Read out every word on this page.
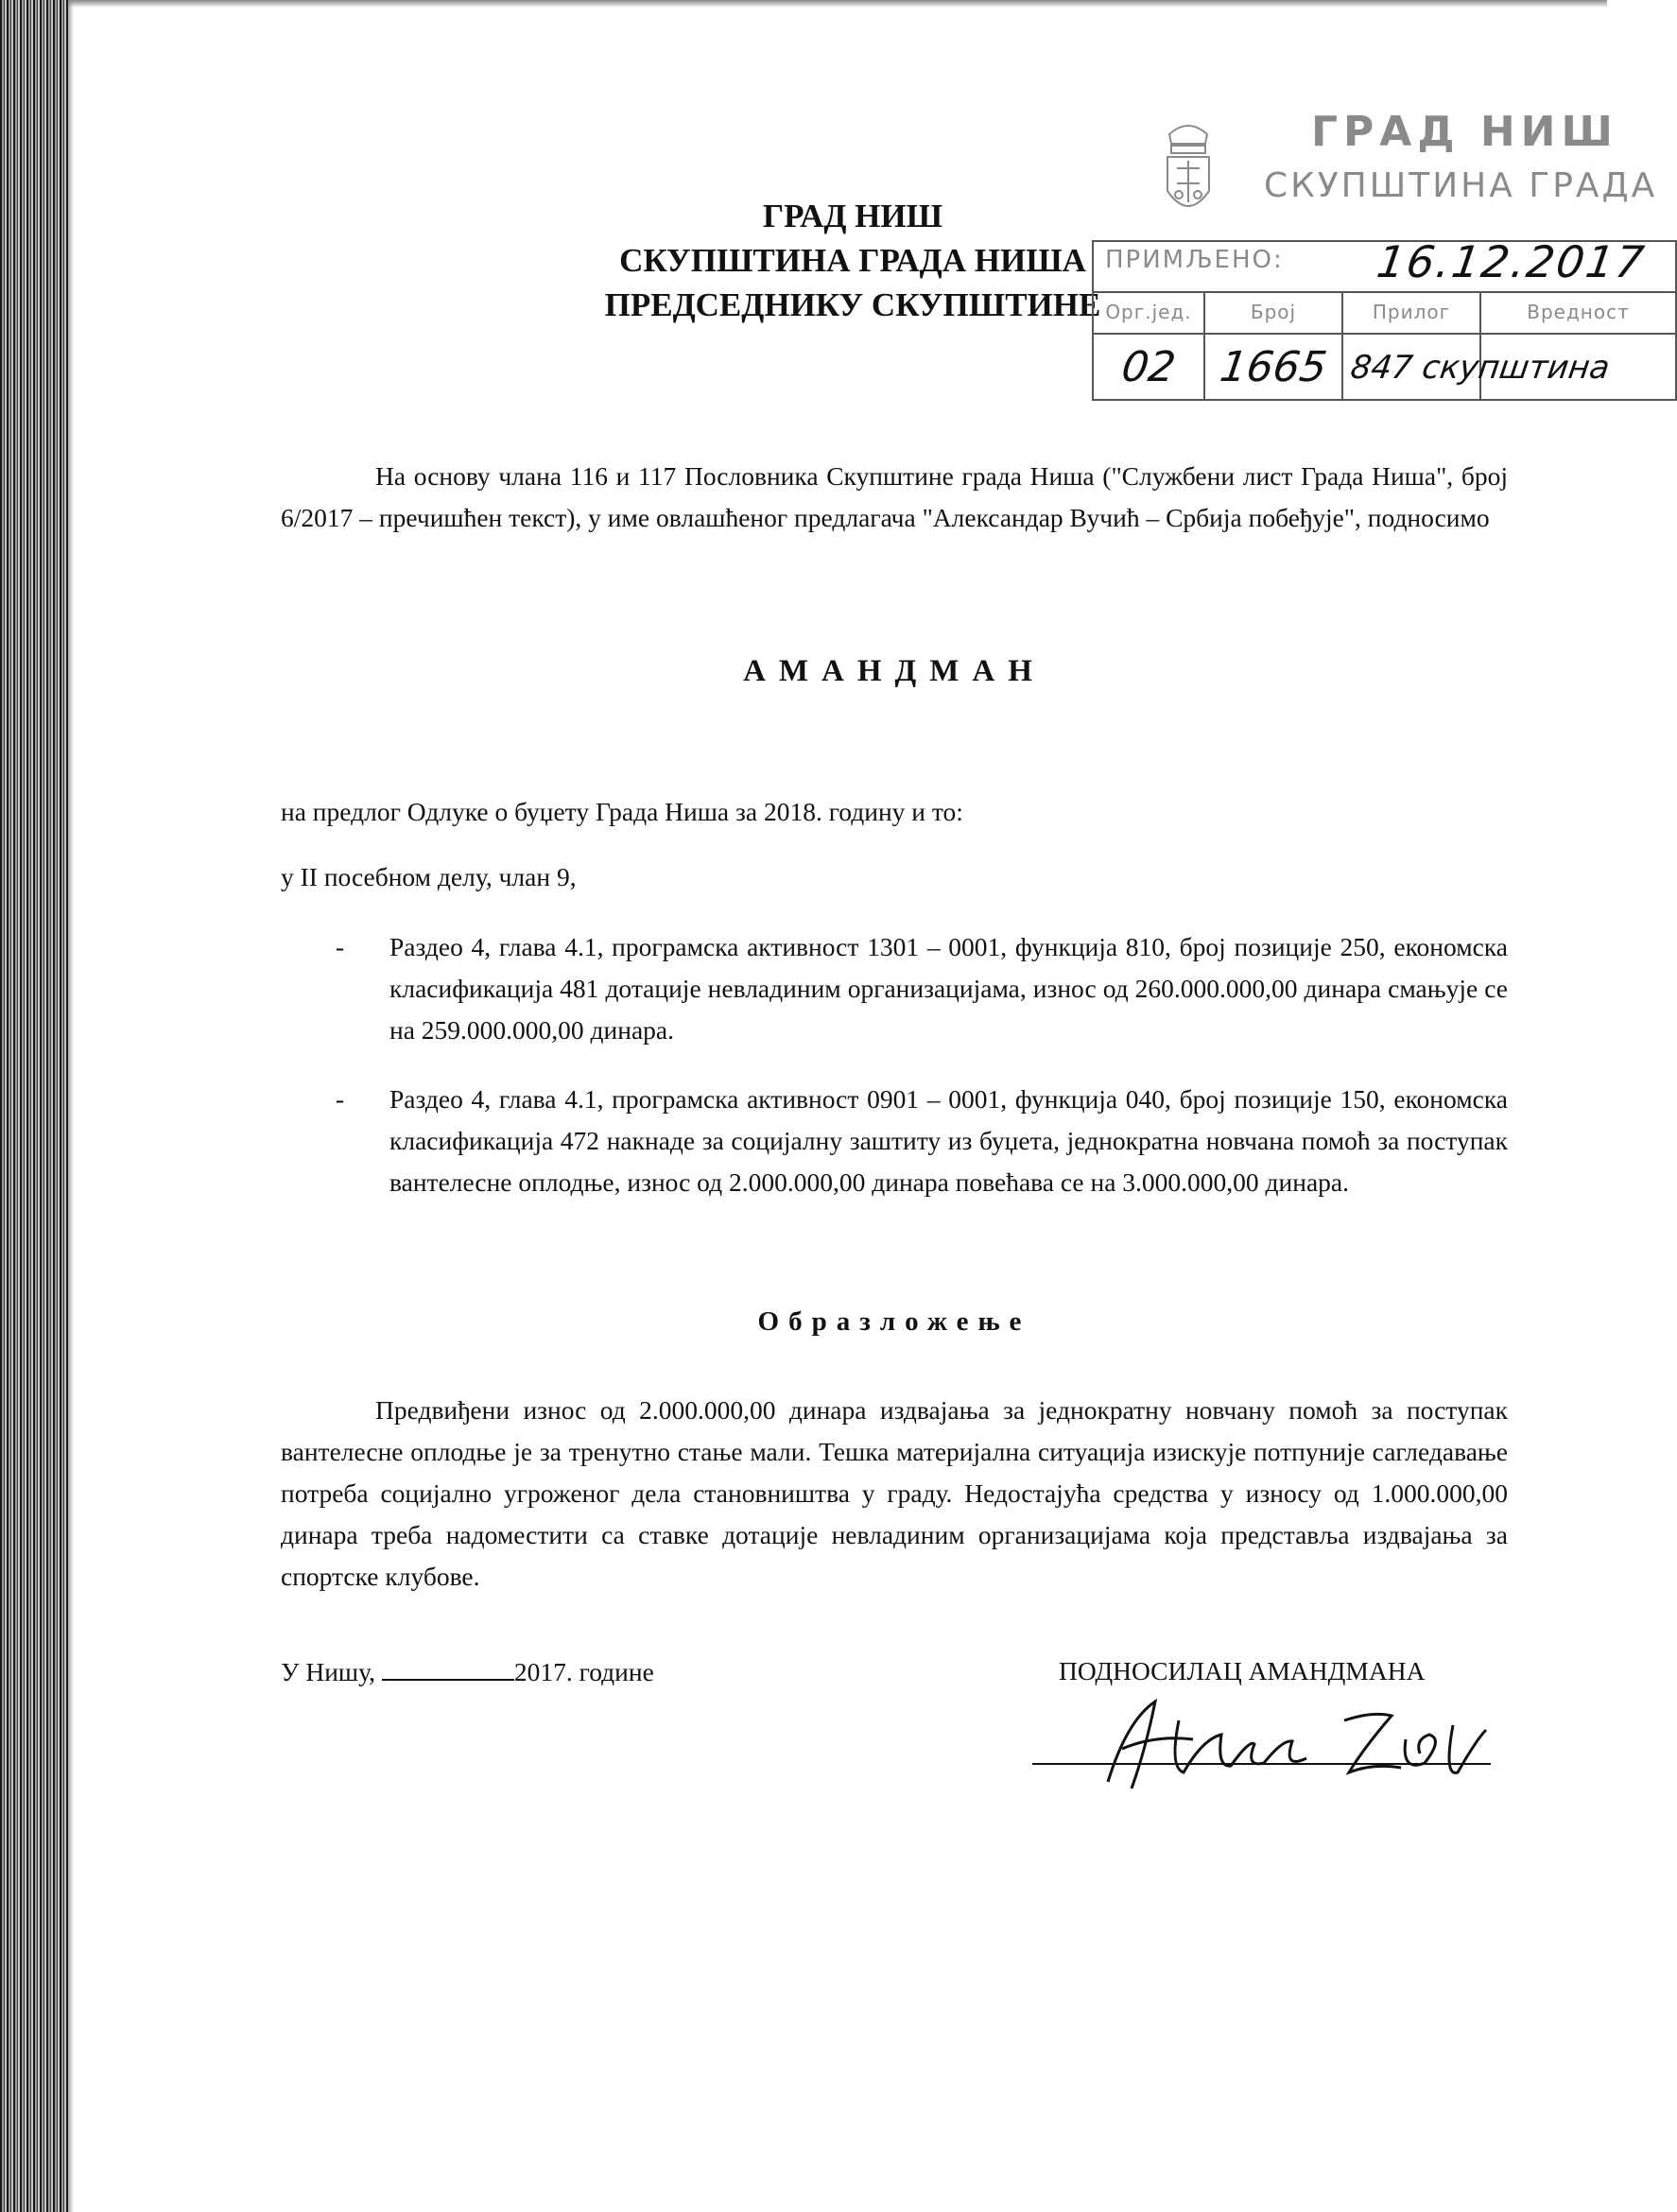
ГРАД НИШ
СКУПШТИНА ГРАДА НИША
ПРЕДСЕДНИКУ СКУПШТИНЕ
ГРАД НИШ
СКУПШТИНА ГРАДА
ПРИМЉЕНО: 16.12.2017
Орг.јед.
02
Број
1665
Прилог
847 скупштина
Вредност
На основу члана 116 и 117 Пословника Скупштине града Ниша ("Службени лист Града Ниша", број 6/2017 – пречишћен текст), у име овлашћеног предлагача "Александар Вучић – Србија побеђује", подносимо
АМАНДМАН
на предлог Одлуке о буџету Града Ниша за 2018. годину и то:
у II посебном делу, члан 9,
- Раздео 4, глава 4.1, програмска активност 1301 – 0001, функција 810, број позиције 250, економска класификација 481 дотације невладиним организацијама, износ од 260.000.000,00 динара смањује се на 259.000.000,00 динара.
- Раздео 4, глава 4.1, програмска активност 0901 – 0001, функција 040, број позиције 150, економска класификација 472 накнаде за социјалну заштиту из буџета, једнократна новчана помоћ за поступак вантелесне оплодње, износ од 2.000.000,00 динара повећава се на 3.000.000,00 динара.
Образложење
Предвиђени износ од 2.000.000,00 динара издвајања за једнократну новчану помоћ за поступак вантелесне оплодње је за тренутно стање мали. Тешка материјална ситуација изискује потпуније сагледавање потреба социјално угроженог дела становништва у граду. Недостајућа средства у износу од 1.000.000,00 динара треба надоместити са ставке дотације невладиним организацијама која представља издвајања за спортске клубове.
У Нишу,	2017. године	ПОДНОСИЛАЦ АМАНДМАНА
